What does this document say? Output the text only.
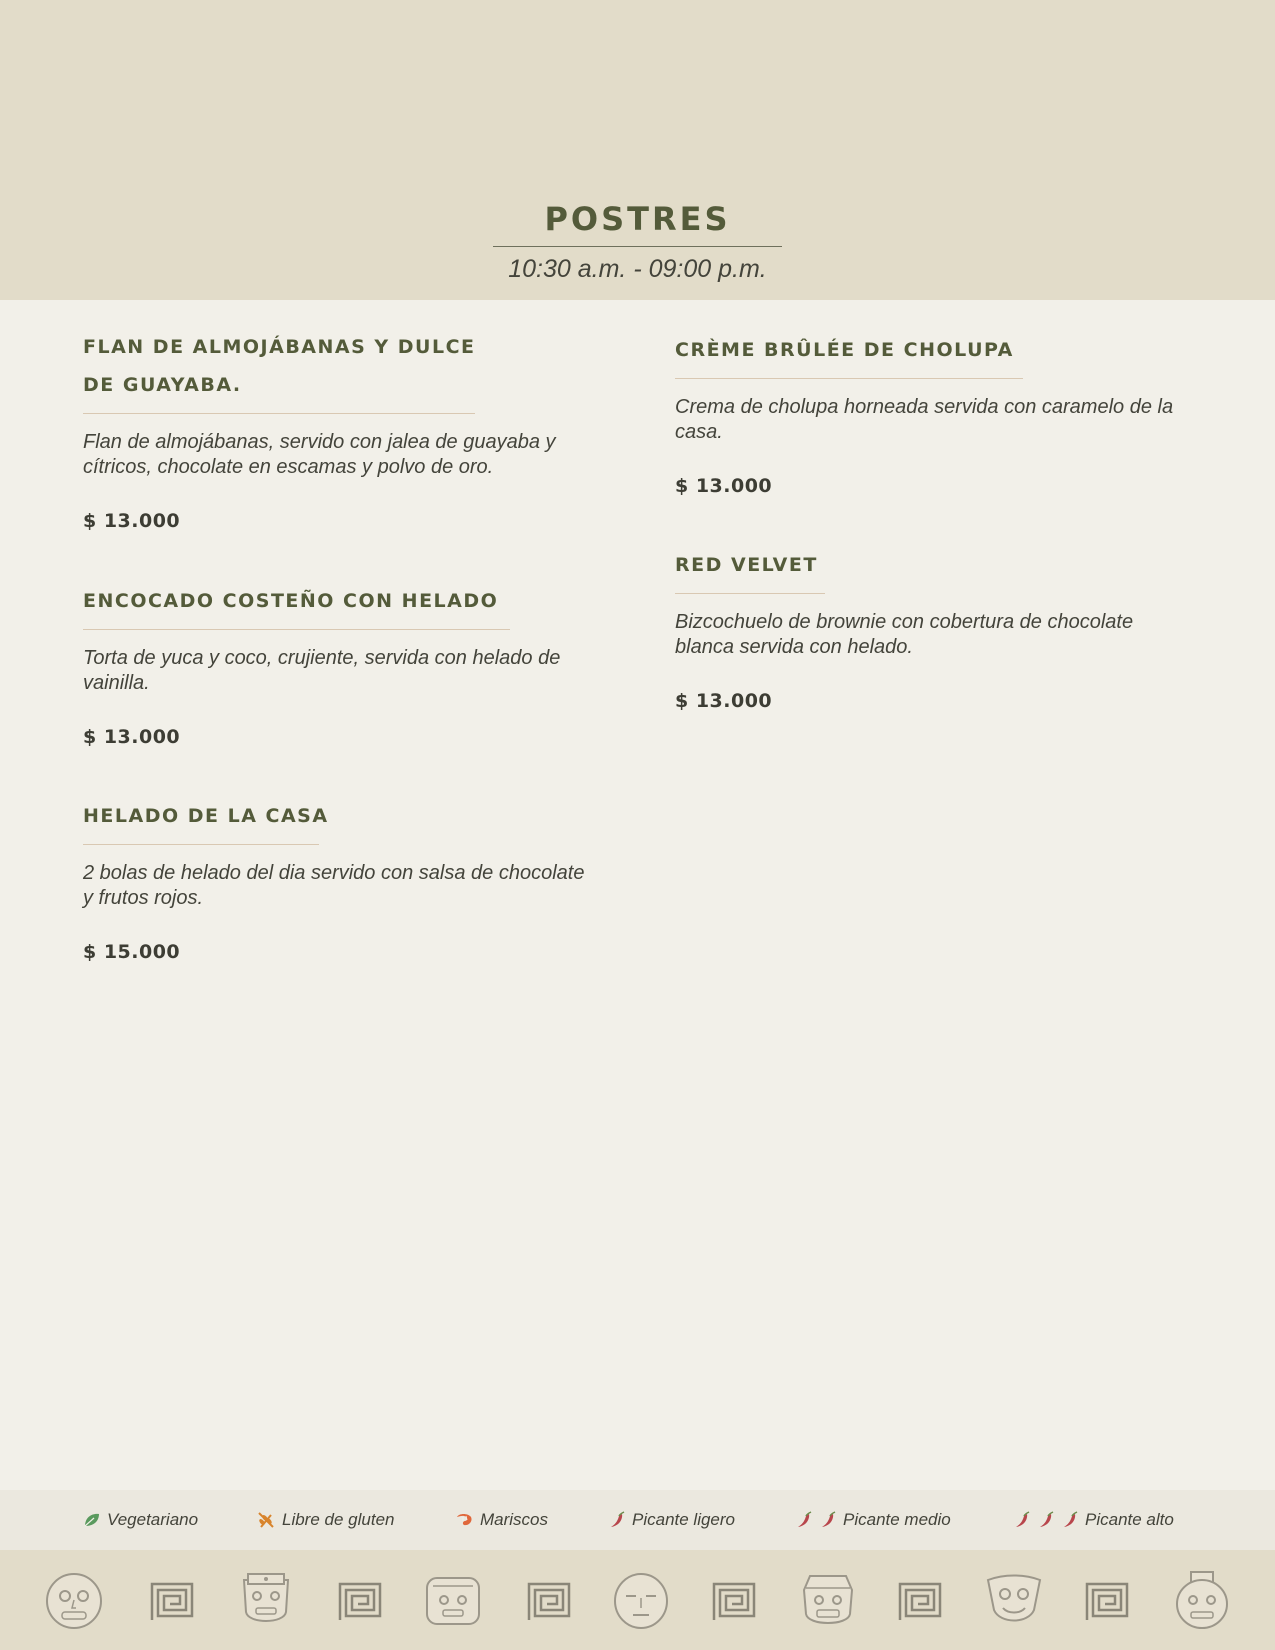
POSTRES
10:30 a.m. - 09:00 p.m.
FLAN DE ALMOJÁBANAS Y DULCE DE GUAYABA.
Flan de almojábanas, servido con jalea de guayaba y cítricos, chocolate en escamas y polvo de oro.
$ 13.000
ENCOCADO COSTEÑO CON HELADO
Torta de yuca y coco, crujiente, servida con helado de vainilla.
$ 13.000
HELADO DE LA CASA
2 bolas de helado del dia servido con salsa de chocolate y frutos rojos.
$ 15.000
CRÈME BRÛLÉE DE CHOLUPA
Crema de cholupa horneada servida con caramelo de la casa.
$ 13.000
RED VELVET
Bizcochuelo de brownie con cobertura de chocolate blanca servida con helado.
$ 13.000
Vegetariano	Libre de gluten	Mariscos	Picante ligero	Picante medio	Picante alto
